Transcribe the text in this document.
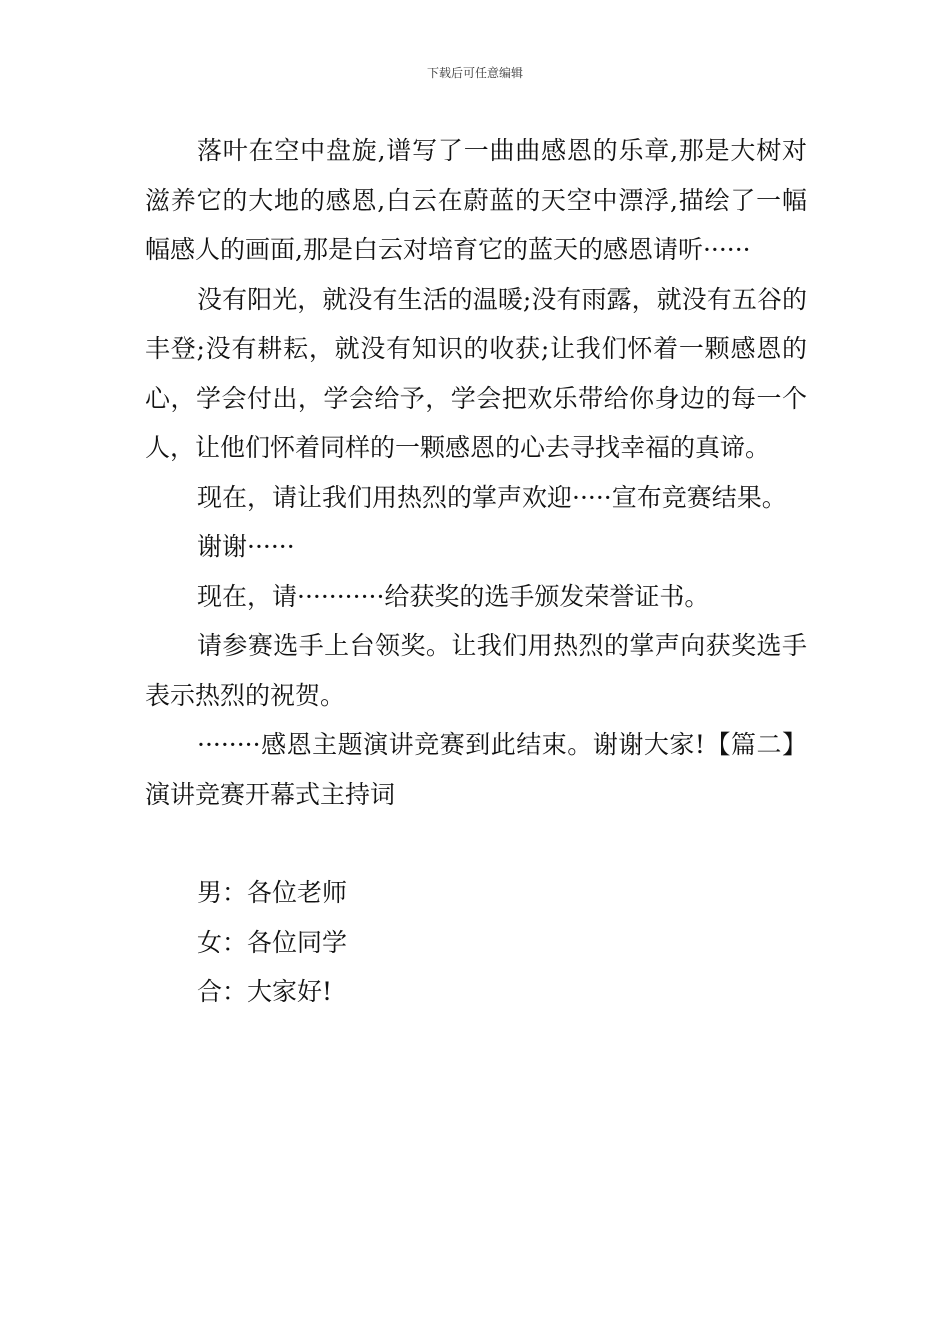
下载后可任意编辑

落叶在空中盘旋,谱写了一曲曲感恩的乐章,那是大树对滋养它的大地的感恩,白云在蔚蓝的天空中漂浮,描绘了一幅幅感人的画面,那是白云对培育它的蓝天的感恩请听······

没有阳光，就没有生活的温暖;没有雨露，就没有五谷的丰登;没有耕耘，就没有知识的收获;让我们怀着一颗感恩的心，学会付出，学会给予，学会把欢乐带给你身边的每一个人，让他们怀着同样的一颗感恩的心去寻找幸福的真谛。

现在，请让我们用热烈的掌声欢迎·····宣布竞赛结果。

谢谢······

现在，请···········给获奖的选手颁发荣誉证书。

请参赛选手上台领奖。让我们用热烈的掌声向获奖选手表示热烈的祝贺。

········感恩主题演讲竞赛到此结束。谢谢大家!【篇二】演讲竞赛开幕式主持词

男：各位老师

女：各位同学

合：大家好!
